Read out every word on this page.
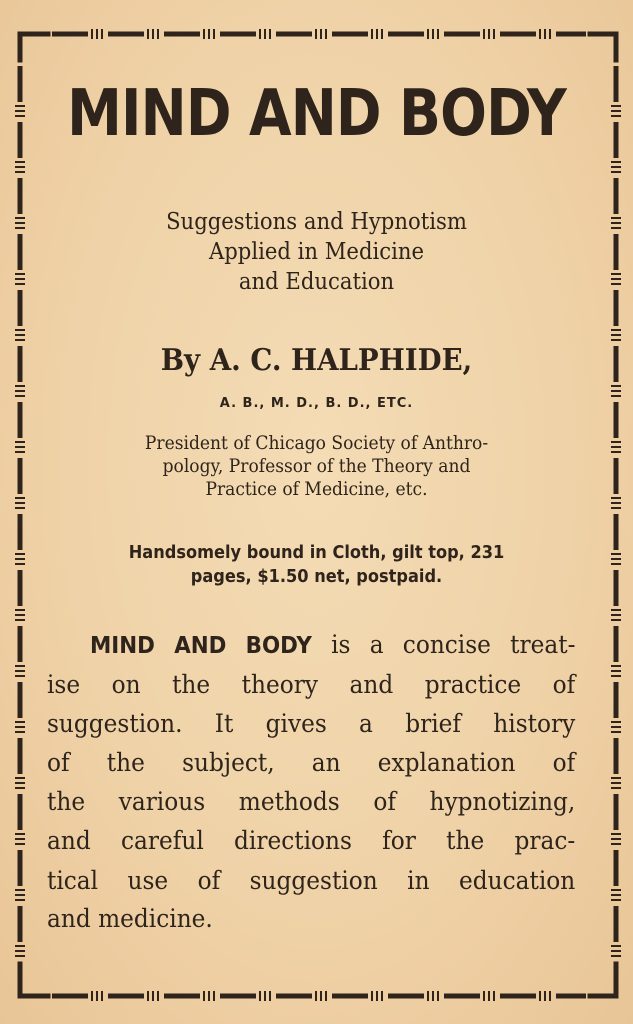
MIND AND BODY

Suggestions and Hypnotism

Applied in Medicine

and Education

By A. C. HALPHIDE,

A. B., M. D., B. D., ETC.

President of Chicago Society of Anthro-

pology, Professor of the Theory and

Practice of Medicine, etc.

Handsomely bound in Cloth, gilt top, 231

pages, $1.50 net, postpaid.

MIND AND BODY is a concise treat-

ise on the theory and practice of

suggestion. It gives a brief history

of the subject, an explanation of

the various methods of hypnotizing,

and careful directions for the prac-

tical use of suggestion in education

and medicine.
